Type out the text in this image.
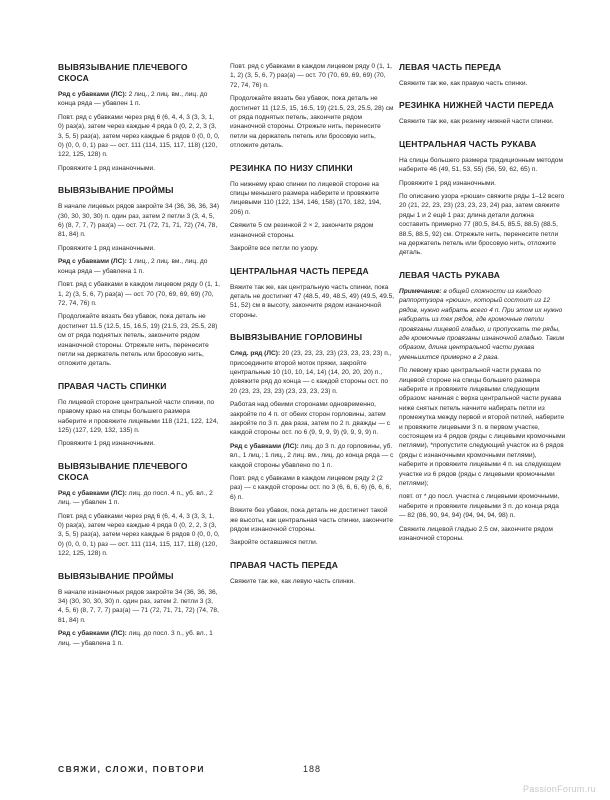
ВЫВЯЗЫВАНИЕ ПЛЕЧЕВОГО СКОСА

Ряд с убавками (ЛС): 2 лиц., 2 лиц. вм., лиц. до конца ряда — убавлен 1 п.

Повт. ряд с убавками через ряд 6 (6, 4, 4, 3 (3, 3, 1, 0) раз(а), затем через каждые 4 ряда 0 (0, 2, 2, 3 (3, 3, 5, 5) раз(а), затем через каждые 6 рядов 0 (0, 0, 0, 0) (0, 0, 0, 1) раз — ост. 111 (114, 115, 117, 118) (120, 122, 125, 128) п.

Провяжите 1 ряд изнаночными.

ВЫВЯЗЫВАНИЕ ПРОЙМЫ

В начале лицевых рядов закройте 34 (36, 36, 36, 34) (30, 30, 30, 30) п. один раз, затем 2 петли 3 (3, 4, 5, 6) (8, 7, 7, 7) раз(а) — ост. 71 (72, 71, 71, 72) (74, 78, 81, 84) п.

Провяжите 1 ряд изнаночными.

Ряд с убавками (ЛС): 1 лиц., 2 лиц. вм., лиц. до конца ряда — убавлена 1 п.

Повт. ряд с убавками в каждом лицевом ряду 0 (1, 1, 1, 2) (3, 5, 6, 7) раз(а) — ост. 70 (70, 69, 69, 69) (70, 72, 74, 76) п.

Продолжайте вязать без убавок, пока деталь не достигнет 11.5 (12.5, 15, 16.5, 19) (21.5, 23, 25.5, 28) см от ряда поднятых петель, закончите рядом изнаночной стороны. Отрежьте нить, перенесите петли на держатель петель или бросовую нить, отложите деталь.

ПРАВАЯ ЧАСТЬ СПИНКИ

По лицевой стороне центральной части спинки, по правому краю на спицы большего размера наберите и провяжите лицевыми 118 (121, 122, 124, 125) (127, 129, 132, 135) п.

Провяжите 1 ряд изнаночными.

ВЫВЯЗЫВАНИЕ ПЛЕЧЕВОГО СКОСА

Ряд с убавками (ЛС): лиц. до посл. 4 п., уб. вл., 2 лиц. — убавлен 1 п.

Повт. ряд с убавками через ряд 6 (6, 4, 4, 3 (3, 3, 1, 0) раз(а), затем через каждые 4 ряда 0 (0, 2, 2, 3 (3, 3, 5, 5) раз(а), затем через каждые 6 рядов 0 (0, 0, 0, 0) (0, 0, 0, 1) раз — ост. 111 (114, 115, 117, 118) (120, 122, 125, 128) п.

ВЫВЯЗЫВАНИЕ ПРОЙМЫ

В начале изнаночных рядов закройте 34 (36, 36, 36, 34) (30, 30, 30, 30) п. один раз, затем 2. петли 3 (3, 4, 5, 6) (8, 7, 7, 7) раз(а) — 71 (72, 71, 71, 72) (74, 78, 81, 84) п.

Ряд с убавками (ЛС): лиц. до посл. 3 п., уб. вл., 1 лиц. — убавлена 1 п.

Повт. ряд с убавками в каждом лицевом ряду 0 (1, 1, 1, 2) (3, 5, 6, 7) раз(а) — ост. 70 (70, 69, 69, 69) (70, 72, 74, 76) п.

Продолжайте вязать без убавок, пока деталь не достигнет 11 (12.5, 15, 16.5, 19) (21.5, 23, 25.5, 28) см от ряда поднятых петель, закончите рядом изнаночной стороны. Отрежьте нить, перенесите петли на держатель петель или бросовую нить, отложите деталь.

РЕЗИНКА ПО НИЗУ СПИНКИ

По нижнему краю спинки по лицевой стороне на спицы меньшего размера наберите и провяжите лицевыми 110 (122, 134, 146, 158) (170, 182, 194, 206) п.

Свяжите 5 см резинкой 2 × 2, закончите рядом изнаночной стороны.

Закройте все петли по узору.

ЦЕНТРАЛЬНАЯ ЧАСТЬ ПЕРЕДА

Вяжите так же, как центральную часть спинки, пока деталь не достигнет 47 (48.5, 49, 48.5, 49) (49.5, 49.5, 51, 52) см в высоту, закончите рядом изнаночной стороны.

ВЫВЯЗЫВАНИЕ ГОРЛОВИНЫ

След. ряд (ЛС): 20 (23, 23, 23, 23) (23, 23, 23, 23) п., присоедините второй моток пряжи, закройте центральные 10 (10, 10, 14, 14) (14, 20, 20, 20) п., довяжите ряд до конца — с каждой стороны ост. по 20 (23, 23, 23, 23) (23, 23, 23, 23) п.

Работая над обеими сторонами одновременно, закройте по 4 п. от обеих сторон горловины, затем закройте по 3 п. два раза, затем по 2 п. дважды — с каждой стороны ост. по 6 (9, 9, 9, 9) (9, 9, 9, 9) п.

Ряд с убавками (ЛС): лиц. до 3 п. до горловины, уб. вл., 1 лиц.; 1 лиц., 2 лиц. вм., лиц. до конца ряда — с каждой стороны убавлено по 1 п.

Повт. ряд с убавками в каждом лицевом ряду 2 (2 раз) — с каждой стороны ост. по 3 (6, 6, 6, 6) (6, 6, 6, 6) п.

Вяжите без убавок, пока деталь не достигнет такой же высоты, как центральная часть спинки, закончите рядом изнаночной стороны.

Закройте оставшиеся петли.

ПРАВАЯ ЧАСТЬ ПЕРЕДА

Свяжите так же, как левую часть спинки.

ЛЕВАЯ ЧАСТЬ ПЕРЕДА

Свяжите так же, как правую часть спинки.

РЕЗИНКА НИЖНЕЙ ЧАСТИ ПЕРЕДА

Свяжите так же, как резинку нижней части спинки.

ЦЕНТРАЛЬНАЯ ЧАСТЬ РУКАВА

На спицы большего размера традиционным методом наберите 46 (49, 51, 53, 55) (56, 59, 62, 65) п.

Провяжите 1 ряд изнаночными.

По описанию узора «рюши» свяжите ряды 1–12 всего 20 (21, 22, 23, 23) (23, 23, 23, 24) раз, затем свяжите ряды 1 и 2 ещё 1 раз; длина детали должна составить примерно 77 (80.5, 84.5, 85.5, 88.5) (88.5, 88.5, 88.5, 92) см. Отрежьте нить, перенесите петли на держатель петель или бросовую нить, отложите деталь.

ЛЕВАЯ ЧАСТЬ РУКАВА

Примечание: в общей сложности из каждого раппортузора «рюши», который состоит из 12 рядов, нужно набрать всего 4 п. При этом их нужно набирать из тех рядов, где кромочные петли провязаны лицевой гладью, и пропускать те ряды, где кромочные провязаны изнаночной гладью. Таким образом, длина центральной части рукава уменьшится примерно в 2 раза.

По левому краю центральной части рукава по лицевой стороне на спицы большего размера наберите и провяжите лицевыми следующим образом: начиная с верха центральной части рукава ниже снятых петель начните набирать петли из промежутка между первой и второй петлей, наберите и провяжите лицевыми 3 п. в первом участке, состоящем из 4 рядов (ряды с лицевыми кромочными петлями), *пропустите следующий участок из 6 рядов (ряды с изнаночными кромочными петлями), наберите и провяжите лицевыми 4 п. на следующем участке из 6 рядов (ряды с лицевыми кромочными петлями);

повт. от * до посл. участка с лицевыми кромочными, наберите и провяжите лицевыми 3 п. до конца ряда — 82 (86, 90, 94, 94) (94, 94, 94, 98) п.

Свяжите лицевой гладью 2.5 см, закончите рядом изнаночной стороны.

СВЯЖИ, СЛОЖИ, ПОВТОРИ	188
PassionForum.ru
